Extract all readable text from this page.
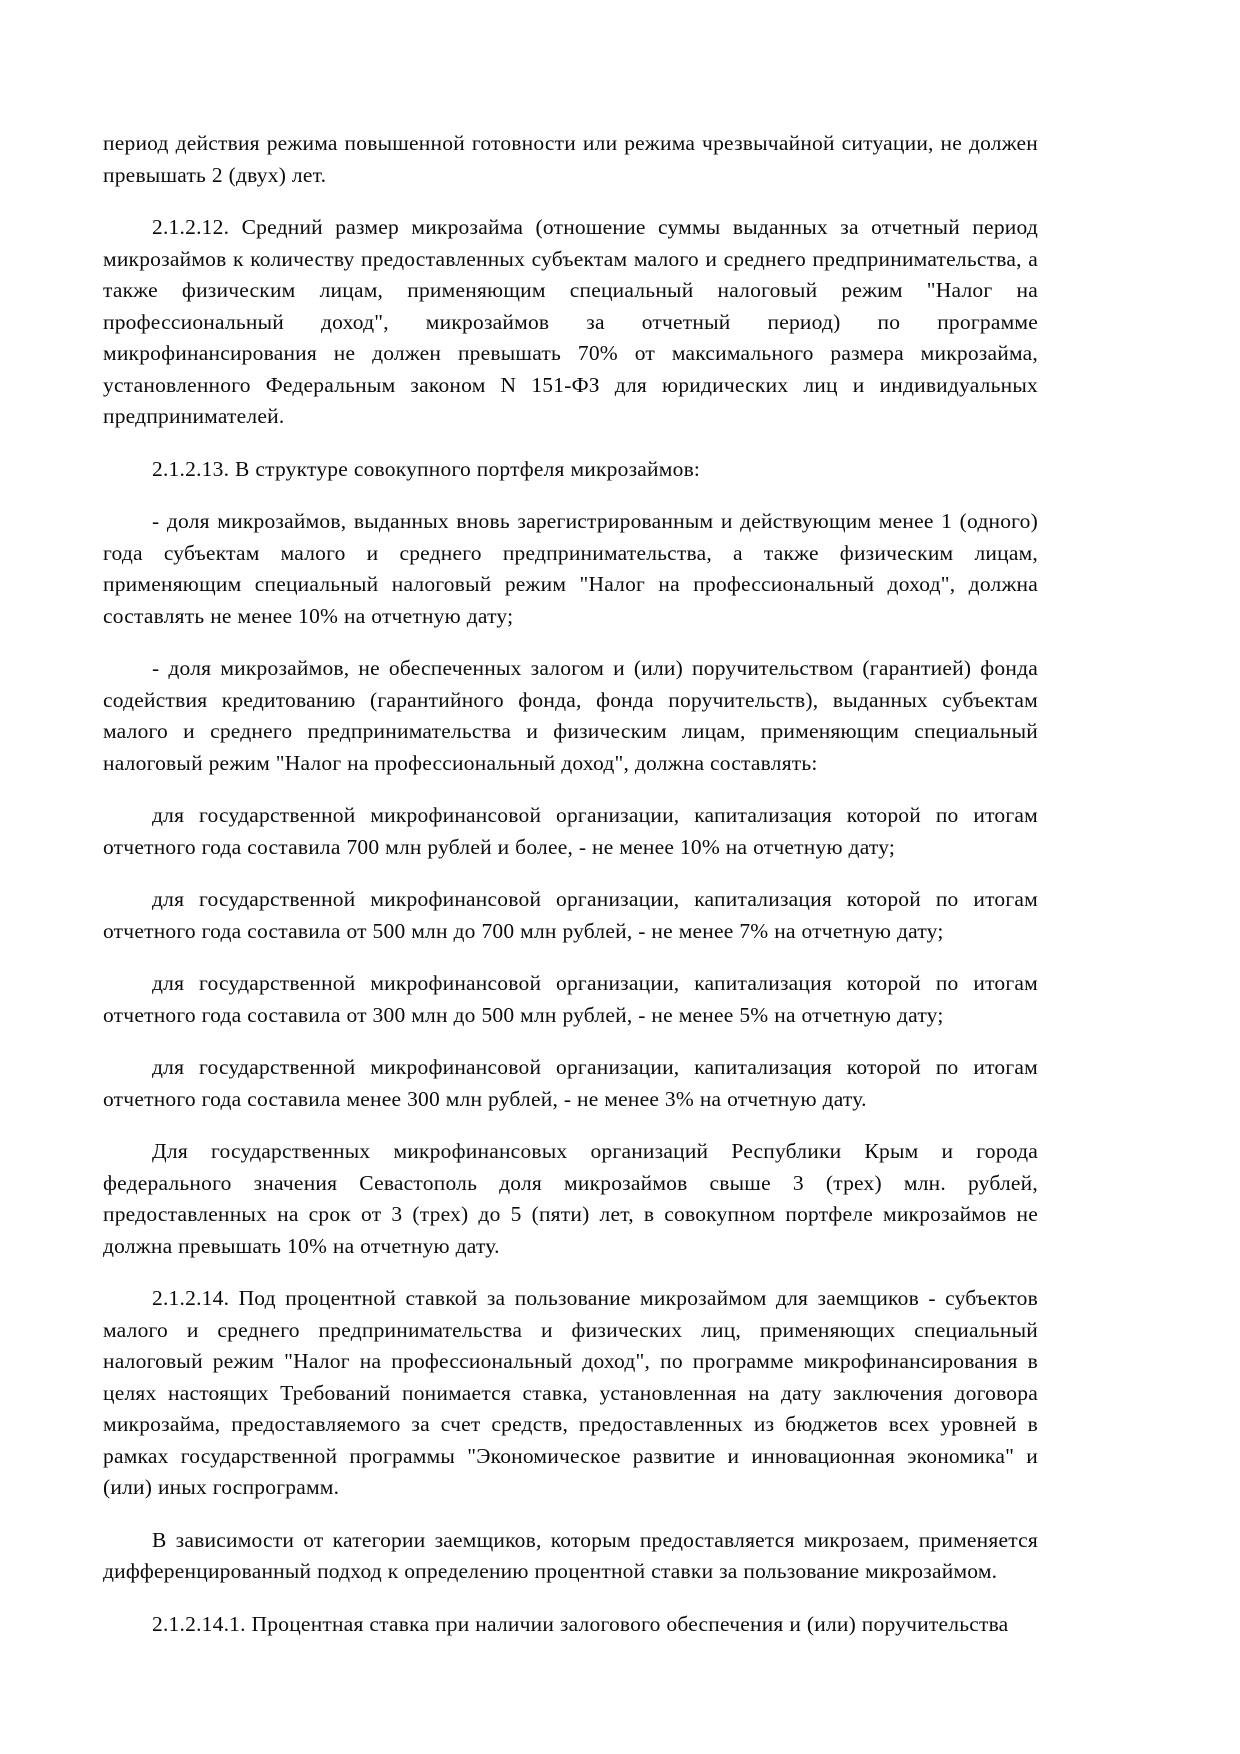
период действия режима повышенной готовности или режима чрезвычайной ситуации, не должен превышать 2 (двух) лет.

2.1.2.12. Средний размер микрозайма (отношение суммы выданных за отчетный период микрозаймов к количеству предоставленных субъектам малого и среднего предпринимательства, а также физическим лицам, применяющим специальный налоговый режим "Налог на профессиональный доход", микрозаймов за отчетный период) по программе микрофинансирования не должен превышать 70% от максимального размера микрозайма, установленного Федеральным законом N 151-ФЗ для юридических лиц и индивидуальных предпринимателей.

2.1.2.13. В структуре совокупного портфеля микрозаймов:

- доля микрозаймов, выданных вновь зарегистрированным и действующим менее 1 (одного) года субъектам малого и среднего предпринимательства, а также физическим лицам, применяющим специальный налоговый режим "Налог на профессиональный доход", должна составлять не менее 10% на отчетную дату;

- доля микрозаймов, не обеспеченных залогом и (или) поручительством (гарантией) фонда содействия кредитованию (гарантийного фонда, фонда поручительств), выданных субъектам малого и среднего предпринимательства и физическим лицам, применяющим специальный налоговый режим "Налог на профессиональный доход", должна составлять:

для государственной микрофинансовой организации, капитализация которой по итогам отчетного года составила 700 млн рублей и более, - не менее 10% на отчетную дату;

для государственной микрофинансовой организации, капитализация которой по итогам отчетного года составила от 500 млн до 700 млн рублей, - не менее 7% на отчетную дату;

для государственной микрофинансовой организации, капитализация которой по итогам отчетного года составила от 300 млн до 500 млн рублей, - не менее 5% на отчетную дату;

для государственной микрофинансовой организации, капитализация которой по итогам отчетного года составила менее 300 млн рублей, - не менее 3% на отчетную дату.

Для государственных микрофинансовых организаций Республики Крым и города федерального значения Севастополь доля микрозаймов свыше 3 (трех) млн. рублей, предоставленных на срок от 3 (трех) до 5 (пяти) лет, в совокупном портфеле микрозаймов не должна превышать 10% на отчетную дату.

2.1.2.14. Под процентной ставкой за пользование микрозаймом для заемщиков - субъектов малого и среднего предпринимательства и физических лиц, применяющих специальный налоговый режим "Налог на профессиональный доход", по программе микрофинансирования в целях настоящих Требований понимается ставка, установленная на дату заключения договора микрозайма, предоставляемого за счет средств, предоставленных из бюджетов всех уровней в рамках государственной программы "Экономическое развитие и инновационная экономика" и (или) иных госпрограмм.

В зависимости от категории заемщиков, которым предоставляется микрозаем, применяется дифференцированный подход к определению процентной ставки за пользование микрозаймом.

2.1.2.14.1. Процентная ставка при наличии залогового обеспечения и (или) поручительства
